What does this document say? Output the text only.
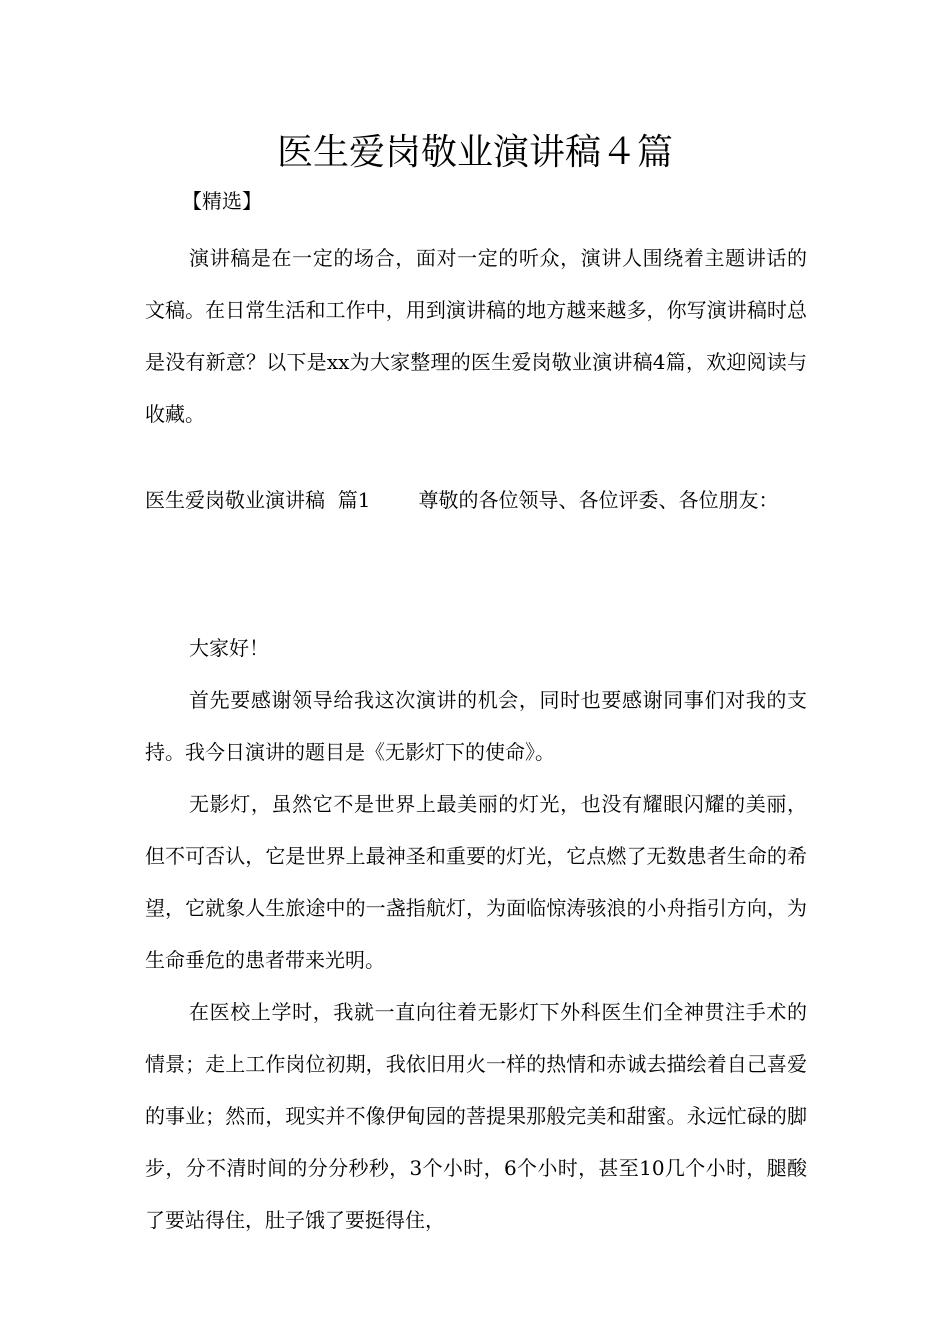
医生爱岗敬业演讲稿４篇
【精选】

演讲稿是在一定的场合，面对一定的听众，演讲人围绕着主题讲话的文稿。在日常生活和工作中，用到演讲稿的地方越来越多，你写演讲稿时总是没有新意？以下是xx为大家整理的医生爱岗敬业演讲稿4篇，欢迎阅读与收藏。

医生爱岗敬业演讲稿  篇1 尊敬的各位领导、各位评委、各位朋友：

大家好！

首先要感谢领导给我这次演讲的机会，同时也要感谢同事们对我的支持。我今日演讲的题目是《无影灯下的使命》。

无影灯，虽然它不是世界上最美丽的灯光，也没有耀眼闪耀的美丽，但不可否认，它是世界上最神圣和重要的灯光，它点燃了无数患者生命的希望，它就象人生旅途中的一盏指航灯，为面临惊涛骇浪的小舟指引方向，为生命垂危的患者带来光明。

在医校上学时，我就一直向往着无影灯下外科医生们全神贯注手术的情景；走上工作岗位初期，我依旧用火一样的热情和赤诚去描绘着自己喜爱的事业；然而，现实并不像伊甸园的菩提果那般完美和甜蜜。永远忙碌的脚步，分不清时间的分分秒秒，3个小时，6个小时，甚至10几个小时，腿酸了要站得住，肚子饿了要挺得住，
